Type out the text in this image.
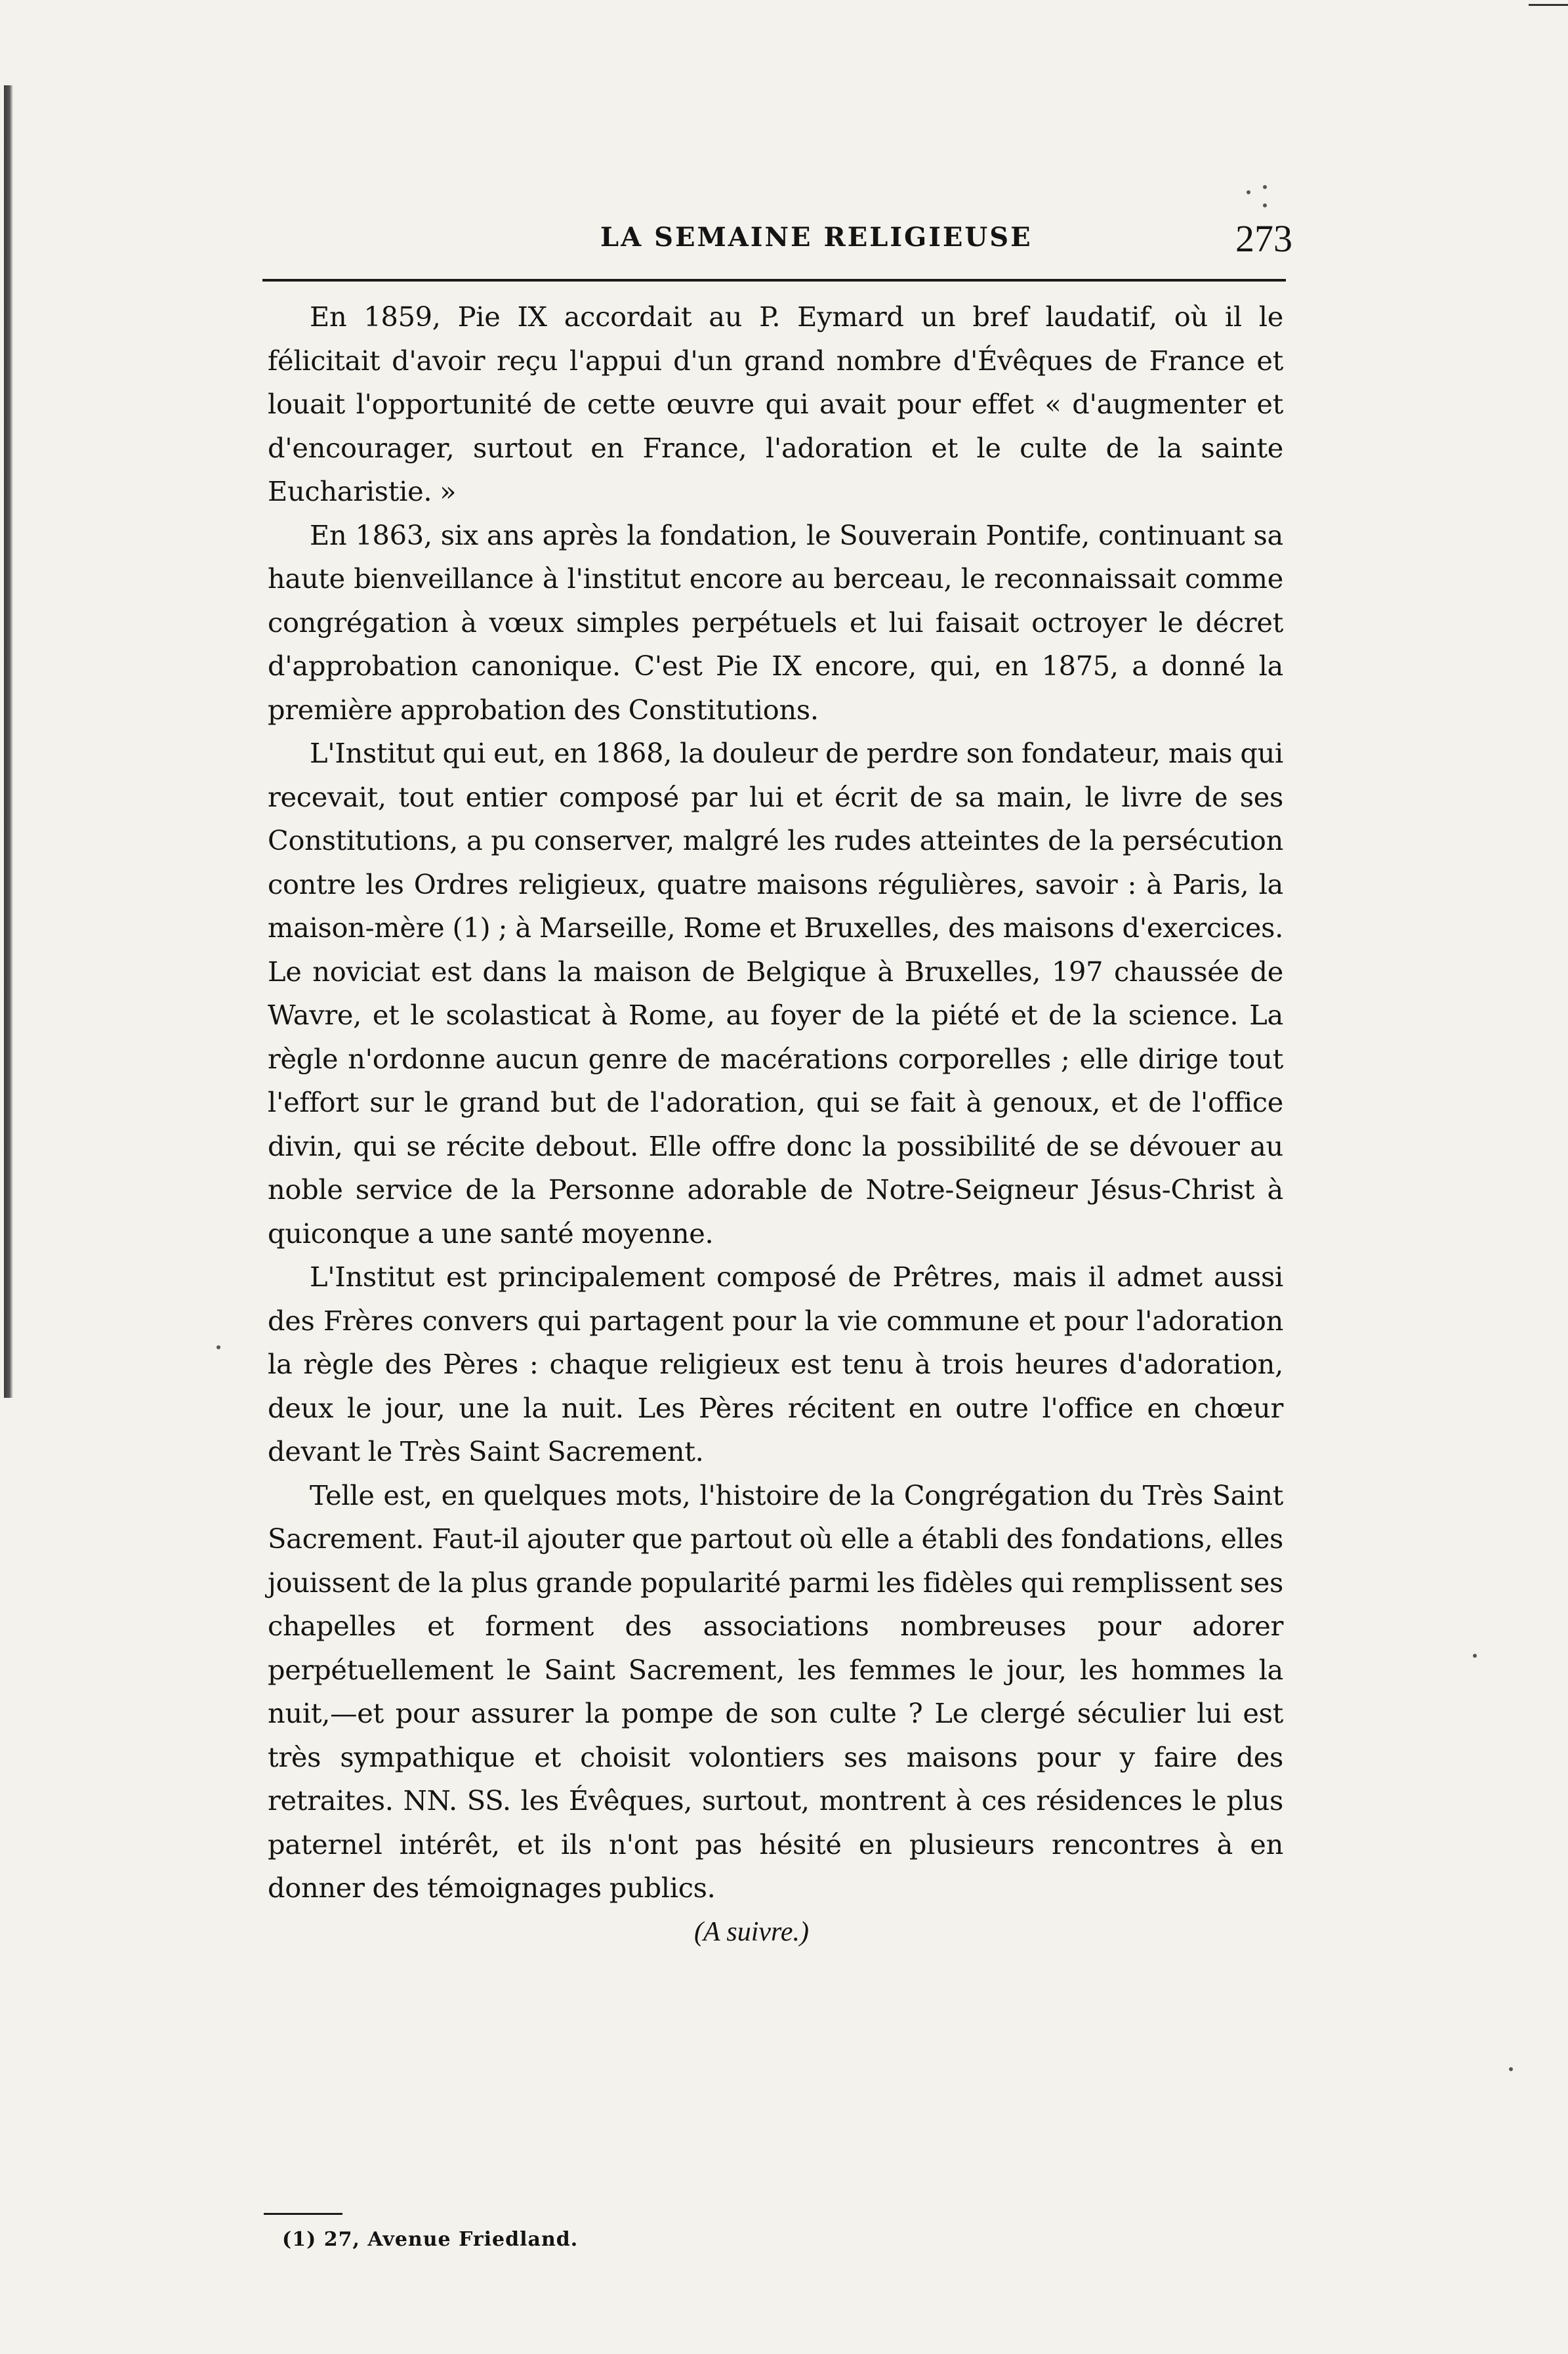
LA SEMAINE RELIGIEUSE	273

En 1859, Pie IX accordait au P. Eymard un bref laudatif, où il le félicitait d'avoir reçu l'appui d'un grand nombre d'Évêques de France et louait l'opportunité de cette œuvre qui avait pour effet « d'augmenter et d'encourager, surtout en France, l'adoration et le culte de la sainte Eucharistie. »

En 1863, six ans après la fondation, le Souverain Pontife, continuant sa haute bienveillance à l'institut encore au berceau, le reconnaissait comme congrégation à vœux simples perpétuels et lui faisait octroyer le décret d'approbation canonique. C'est Pie IX encore, qui, en 1875, a donné la première approbation des Constitutions.

L'Institut qui eut, en 1868, la douleur de perdre son fondateur, mais qui recevait, tout entier composé par lui et écrit de sa main, le livre de ses Constitutions, a pu conserver, malgré les rudes atteintes de la persécution contre les Ordres religieux, quatre maisons régulières, savoir : à Paris, la maison-mère (1) ; à Marseille, Rome et Bruxelles, des maisons d'exercices. Le noviciat est dans la maison de Belgique à Bruxelles, 197 chaussée de Wavre, et le scolasticat à Rome, au foyer de la piété et de la science. La règle n'ordonne aucun genre de macérations corporelles ; elle dirige tout l'effort sur le grand but de l'adoration, qui se fait à genoux, et de l'office divin, qui se récite debout. Elle offre donc la possibilité de se dévouer au noble service de la Personne adorable de Notre-Seigneur Jésus-Christ à quiconque a une santé moyenne.

L'Institut est principalement composé de Prêtres, mais il admet aussi des Frères convers qui partagent pour la vie commune et pour l'adoration la règle des Pères : chaque religieux est tenu à trois heures d'adoration, deux le jour, une la nuit. Les Pères récitent en outre l'office en chœur devant le Très Saint Sacrement.

Telle est, en quelques mots, l'histoire de la Congrégation du Très Saint Sacrement. Faut-il ajouter que partout où elle a établi des fondations, elles jouissent de la plus grande popularité parmi les fidèles qui remplissent ses chapelles et forment des associations nombreuses pour adorer perpétuellement le Saint Sacrement, les femmes le jour, les hommes la nuit,—et pour assurer la pompe de son culte ? Le clergé séculier lui est très sympathique et choisit volontiers ses maisons pour y faire des retraites. NN. SS. les Évêques, surtout, montrent à ces résidences le plus paternel intérêt, et ils n'ont pas hésité en plusieurs rencontres à en donner des témoignages publics.

(A suivre.)

(1) 27, Avenue Friedland.
